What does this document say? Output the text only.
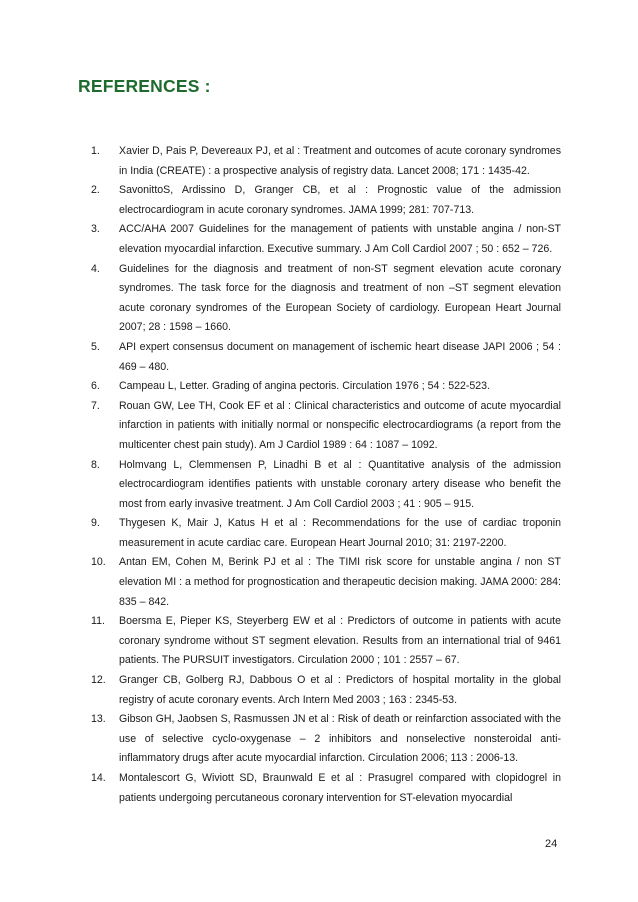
REFERENCES :
1.	Xavier D, Pais P, Devereaux PJ, et al : Treatment and outcomes of acute coronary syndromes in India (CREATE) : a prospective analysis of registry data. Lancet 2008; 171 : 1435-42.
2.	SavonittoS, Ardissino D, Granger CB, et al : Prognostic value of the admission electrocardiogram in acute coronary syndromes. JAMA 1999; 281: 707-713.
3.	ACC/AHA 2007 Guidelines for the management of patients with unstable angina / non-ST elevation myocardial infarction. Executive summary. J Am Coll Cardiol 2007 ; 50 : 652 – 726.
4.	Guidelines for the diagnosis and treatment of non-ST segment elevation acute coronary syndromes. The task force for the diagnosis and treatment of non –ST segment elevation acute coronary syndromes of the European Society of cardiology. European Heart Journal 2007; 28 : 1598 – 1660.
5.	API expert consensus document on management of ischemic heart disease JAPI 2006 ; 54 : 469 – 480.
6.	Campeau L, Letter. Grading of angina pectoris. Circulation 1976 ; 54 : 522-523.
7.	Rouan GW, Lee TH, Cook EF et al : Clinical characteristics and outcome of acute myocardial infarction in patients with initially normal or nonspecific electrocardiograms (a report from the multicenter chest pain study). Am J Cardiol 1989 : 64 : 1087 – 1092.
8.	Holmvang L, Clemmensen P, Linadhi B et al : Quantitative analysis of the admission electrocardiogram identifies patients with unstable coronary artery disease who benefit the most from early invasive treatment. J Am Coll Cardiol 2003 ; 41 : 905 – 915.
9.	Thygesen K, Mair J, Katus H et al : Recommendations for the use of cardiac troponin measurement in acute cardiac care. European Heart Journal 2010; 31: 2197-2200.
10.	Antan EM, Cohen M, Berink PJ et al : The TIMI risk score for unstable angina / non ST elevation MI : a method for prognostication and therapeutic decision making. JAMA 2000: 284: 835 – 842.
11.	Boersma E, Pieper KS, Steyerberg EW et al : Predictors of outcome in patients with acute coronary syndrome without ST segment elevation. Results from an international trial of 9461 patients. The PURSUIT investigators. Circulation 2000 ; 101 : 2557 – 67.
12.	Granger CB, Golberg RJ, Dabbous O et al : Predictors of hospital mortality in the global registry of acute coronary events. Arch Intern Med 2003 ; 163 : 2345-53.
13.	Gibson GH, Jaobsen S, Rasmussen JN et al : Risk of death or reinfarction associated with the use of selective cyclo-oxygenase – 2 inhibitors and nonselective nonsteroidal anti-inflammatory drugs after acute myocardial infarction. Circulation 2006; 113 : 2006-13.
14.	Montalescort G, Wiviott SD, Braunwald E et al : Prasugrel compared with clopidogrel in patients undergoing percutaneous coronary intervention for ST-elevation myocardial
24
